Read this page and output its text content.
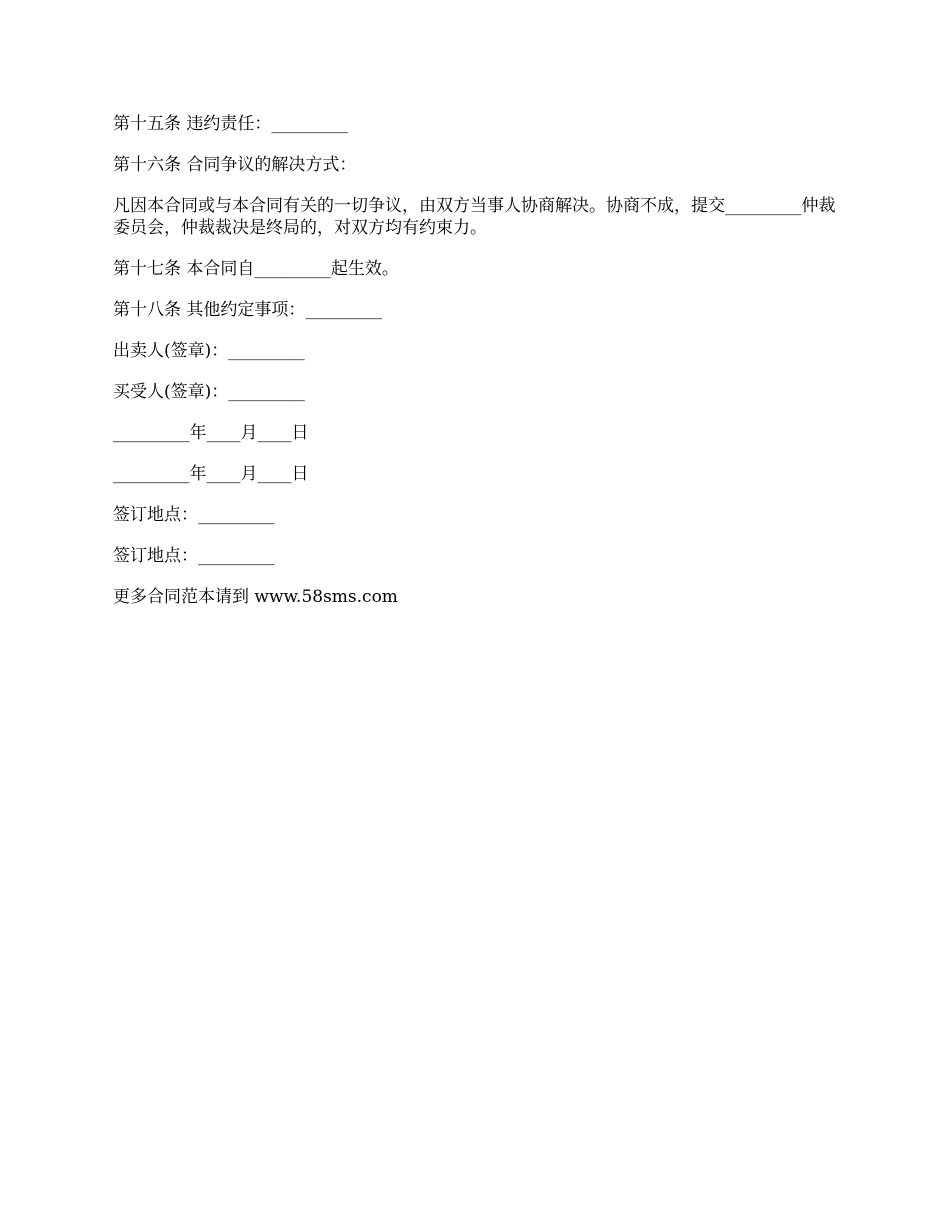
第十五条 违约责任：_________

第十六条 合同争议的解决方式：

凡因本合同或与本合同有关的一切争议，由双方当事人协商解决。协商不成，提交_________仲裁委员会，仲裁裁决是终局的，对双方均有约束力。

第十七条 本合同自_________起生效。

第十八条 其他约定事项：_________

出卖人(签章)：_________

买受人(签章)：_________

_________年____月____日

_________年____月____日

签订地点：_________

签订地点：_________

更多合同范本请到 www.58sms.com
